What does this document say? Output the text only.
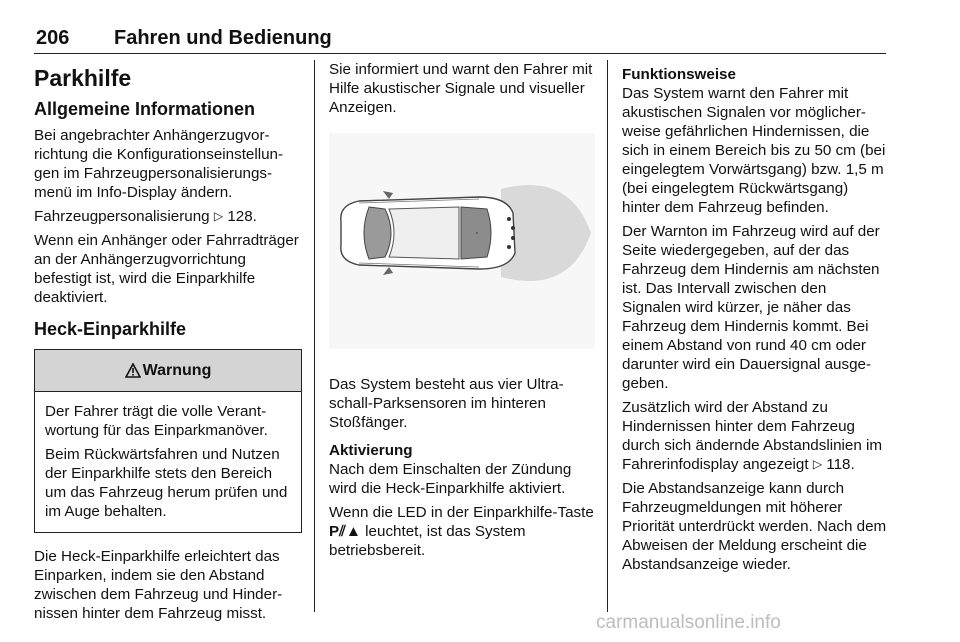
206 Fahren und Bedienung
Parkhilfe
Allgemeine Informationen

Bei angebrachter Anhängerzugvorrichtung die Konfigurationseinstellungen im Fahrzeugpersonalisierungsmenü im Info-Display ändern.

Fahrzeugpersonalisierung ▷ 128.

Wenn ein Anhänger oder Fahrradträger an der Anhängerzugvorrichtung befestigt ist, wird die Einparkhilfe deaktiviert.

Heck-Einparkhilfe
Warnung

Der Fahrer trägt die volle Verantwortung für das Einparkmanöver.

Beim Rückwärtsfahren und Nutzen der Einparkhilfe stets den Bereich um das Fahrzeug herum prüfen und im Auge behalten.

Die Heck-Einparkhilfe erleichtert das Einparken, indem sie den Abstand zwischen dem Fahrzeug und Hindernissen hinter dem Fahrzeug misst.

Sie informiert und warnt den Fahrer mit Hilfe akustischer Signale und visueller Anzeigen.

Das System besteht aus vier Ultraschall-Parksensoren im hinteren Stoßfänger.

Aktivierung

Nach dem Einschalten der Zündung wird die Heck-Einparkhilfe aktiviert.

Wenn die LED in der Einparkhilfe-Taste P⫽▲ leuchtet, ist das System betriebsbereit.

Funktionsweise

Das System warnt den Fahrer mit akustischen Signalen vor möglicherweise gefährlichen Hindernissen, die sich in einem Bereich bis zu 50 cm (bei eingelegtem Vorwärtsgang) bzw. 1,5 m (bei eingelegtem Rückwärtsgang) hinter dem Fahrzeug befinden.

Der Warnton im Fahrzeug wird auf der Seite wiedergegeben, auf der das Fahrzeug dem Hindernis am nächsten ist. Das Intervall zwischen den Signalen wird kürzer, je näher das Fahrzeug dem Hindernis kommt. Bei einem Abstand von rund 40 cm oder darunter wird ein Dauersignal ausgegeben.

Zusätzlich wird der Abstand zu Hindernissen hinter dem Fahrzeug durch sich ändernde Abstandslinien im Fahrerinfodisplay angezeigt ▷ 118.

Die Abstandsanzeige kann durch Fahrzeugmeldungen mit höherer Priorität unterdrückt werden. Nach dem Abweisen der Meldung erscheint die Abstandsanzeige wieder.

carmanualsonline.info
